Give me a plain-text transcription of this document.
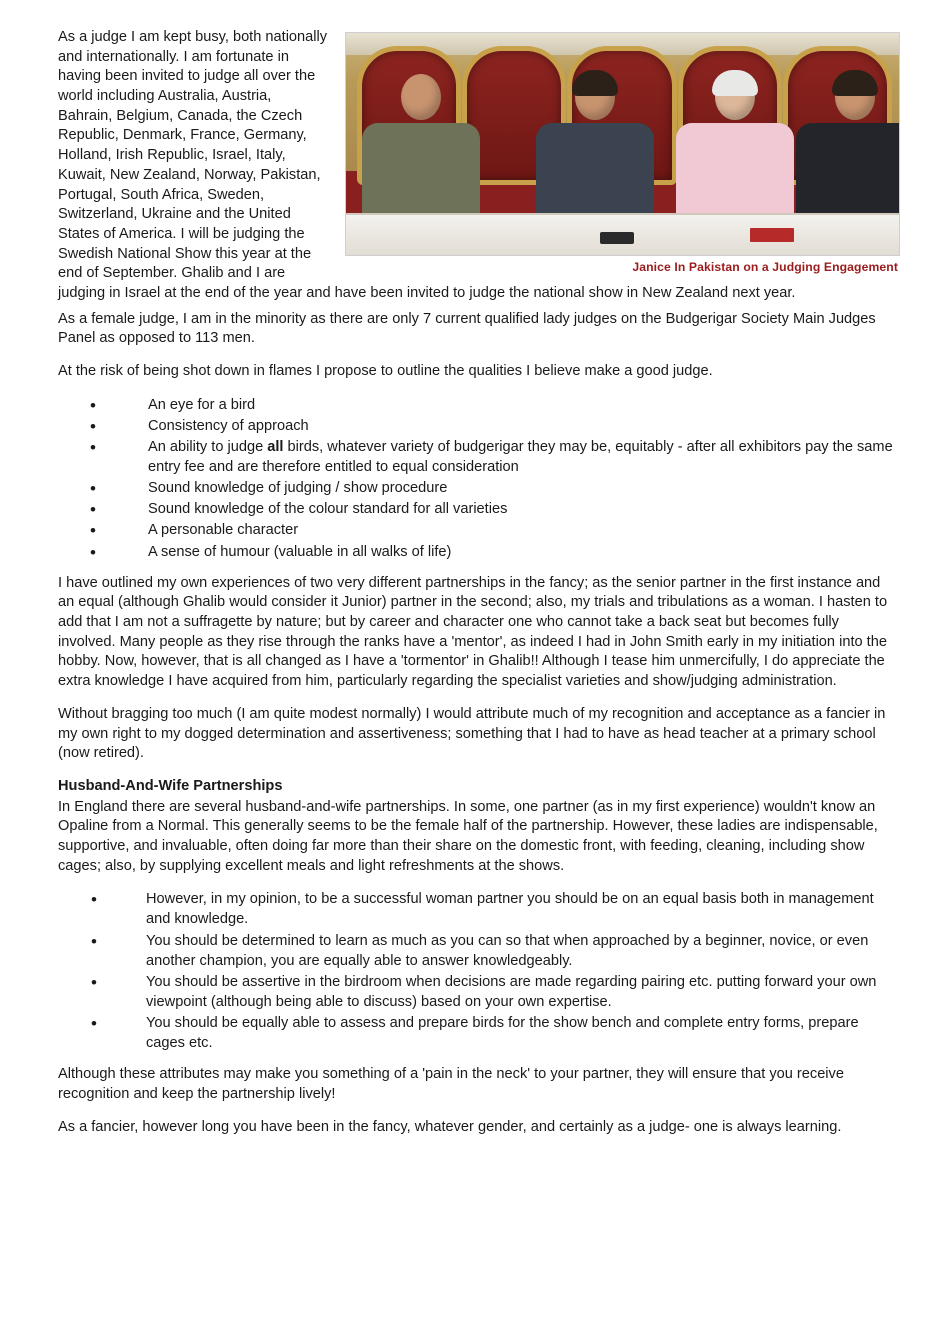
Janice In Pakistan on a Judging Engagement

As a judge I am kept busy, both nationally and internationally. I am fortunate in having been invited to judge all over the world including Australia, Austria, Bahrain, Belgium, Canada, the Czech Republic, Denmark, France, Germany, Holland, Irish Republic, Israel, Italy, Kuwait, New Zealand, Norway, Pakistan, Portugal, South Africa, Sweden, Switzerland, Ukraine and the United States of America. I will be judging the Swedish National Show this year at the end of September. Ghalib and I are judging in Israel at the end of the year and have been invited to judge the national show in New Zealand next year.

As a female judge, I am in the minority as there are only 7 current qualified lady judges on the Budgerigar Society Main Judges Panel as opposed to 113 men.

At the risk of being shot down in flames I propose to outline the qualities I believe make a good judge.

• An eye for a bird
• Consistency of approach
• An ability to judge all birds, whatever variety of budgerigar they may be, equitably - after all exhibitors pay the same entry fee and are therefore entitled to equal consideration
• Sound knowledge of judging / show procedure
• Sound knowledge of the colour standard for all varieties
• A personable character
• A sense of humour (valuable in all walks of life)

I have outlined my own experiences of two very different partnerships in the fancy; as the senior partner in the first instance and an equal (although Ghalib would consider it Junior) partner in the second; also, my trials and tribulations as a woman. I hasten to add that I am not a suffragette by nature; but by career and character one who cannot take a back seat but becomes fully involved. Many people as they rise through the ranks have a 'mentor', as indeed I had in John Smith early in my initiation into the hobby. Now, however, that is all changed as I have a 'tormentor' in Ghalib!! Although I tease him unmercifully, I do appreciate the extra knowledge I have acquired from him, particularly regarding the specialist varieties and show/judging administration.

Without bragging too much (I am quite modest normally) I would attribute much of my recognition and acceptance as a fancier in my own right to my dogged determination and assertiveness; something that I had to have as head teacher at a primary school (now retired).

Husband-And-Wife Partnerships

In England there are several husband-and-wife partnerships. In some, one partner (as in my first experience) wouldn't know an Opaline from a Normal. This generally seems to be the female half of the partnership. However, these ladies are indispensable, supportive, and invaluable, often doing far more than their share on the domestic front, with feeding, cleaning, including show cages; also, by supplying excellent meals and light refreshments at the shows.

• However, in my opinion, to be a successful woman partner you should be on an equal basis both in management and knowledge.
• You should be determined to learn as much as you can so that when approached by a beginner, novice, or even another champion, you are equally able to answer knowledgeably.
• You should be assertive in the birdroom when decisions are made regarding pairing etc. putting forward your own viewpoint (although being able to discuss) based on your own expertise.
• You should be equally able to assess and prepare birds for the show bench and complete entry forms, prepare cages etc.

Although these attributes may make you something of a 'pain in the neck' to your partner, they will ensure that you receive recognition and keep the partnership lively!

As a fancier, however long you have been in the fancy, whatever gender, and certainly as a judge- one is always learning.
